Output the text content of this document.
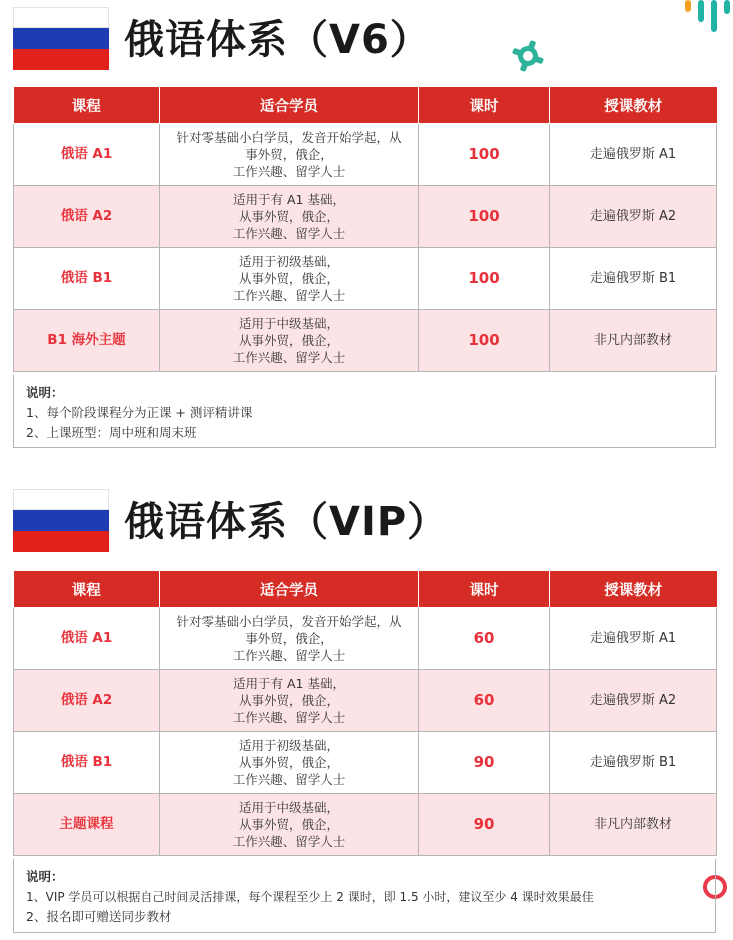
俄语体系（V6）
课程	适合学员	课时	授课教材
俄语 A1	针对零基础小白学员，发音开始学起，从
事外贸，俄企，
工作兴趣、留学人士	100	走遍俄罗斯 A1
俄语 A2	适用于有 A1 基础，
从事外贸，俄企，
工作兴趣、留学人士	100	走遍俄罗斯 A2
俄语 B1	适用于初级基础，
从事外贸，俄企，
工作兴趣、留学人士	100	走遍俄罗斯 B1
B1 海外主题	适用于中级基础，
从事外贸，俄企，
工作兴趣、留学人士	100	非凡内部教材
说明：
1、每个阶段课程分为正课 + 测评精讲课
2、上课班型：周中班和周末班
俄语体系（VIP）
课程	适合学员	课时	授课教材
俄语 A1	针对零基础小白学员，发音开始学起，从
事外贸，俄企，
工作兴趣、留学人士	60	走遍俄罗斯 A1
俄语 A2	适用于有 A1 基础，
从事外贸，俄企，
工作兴趣、留学人士	60	走遍俄罗斯 A2
俄语 B1	适用于初级基础，
从事外贸，俄企，
工作兴趣、留学人士	90	走遍俄罗斯 B1
主题课程	适用于中级基础，
从事外贸，俄企，
工作兴趣、留学人士	90	非凡内部教材
说明：
1、VIP 学员可以根据自己时间灵活排课，每个课程至少上 2 课时，即 1.5 小时，建议至少 4 课时效果最佳
2、报名即可赠送同步教材
